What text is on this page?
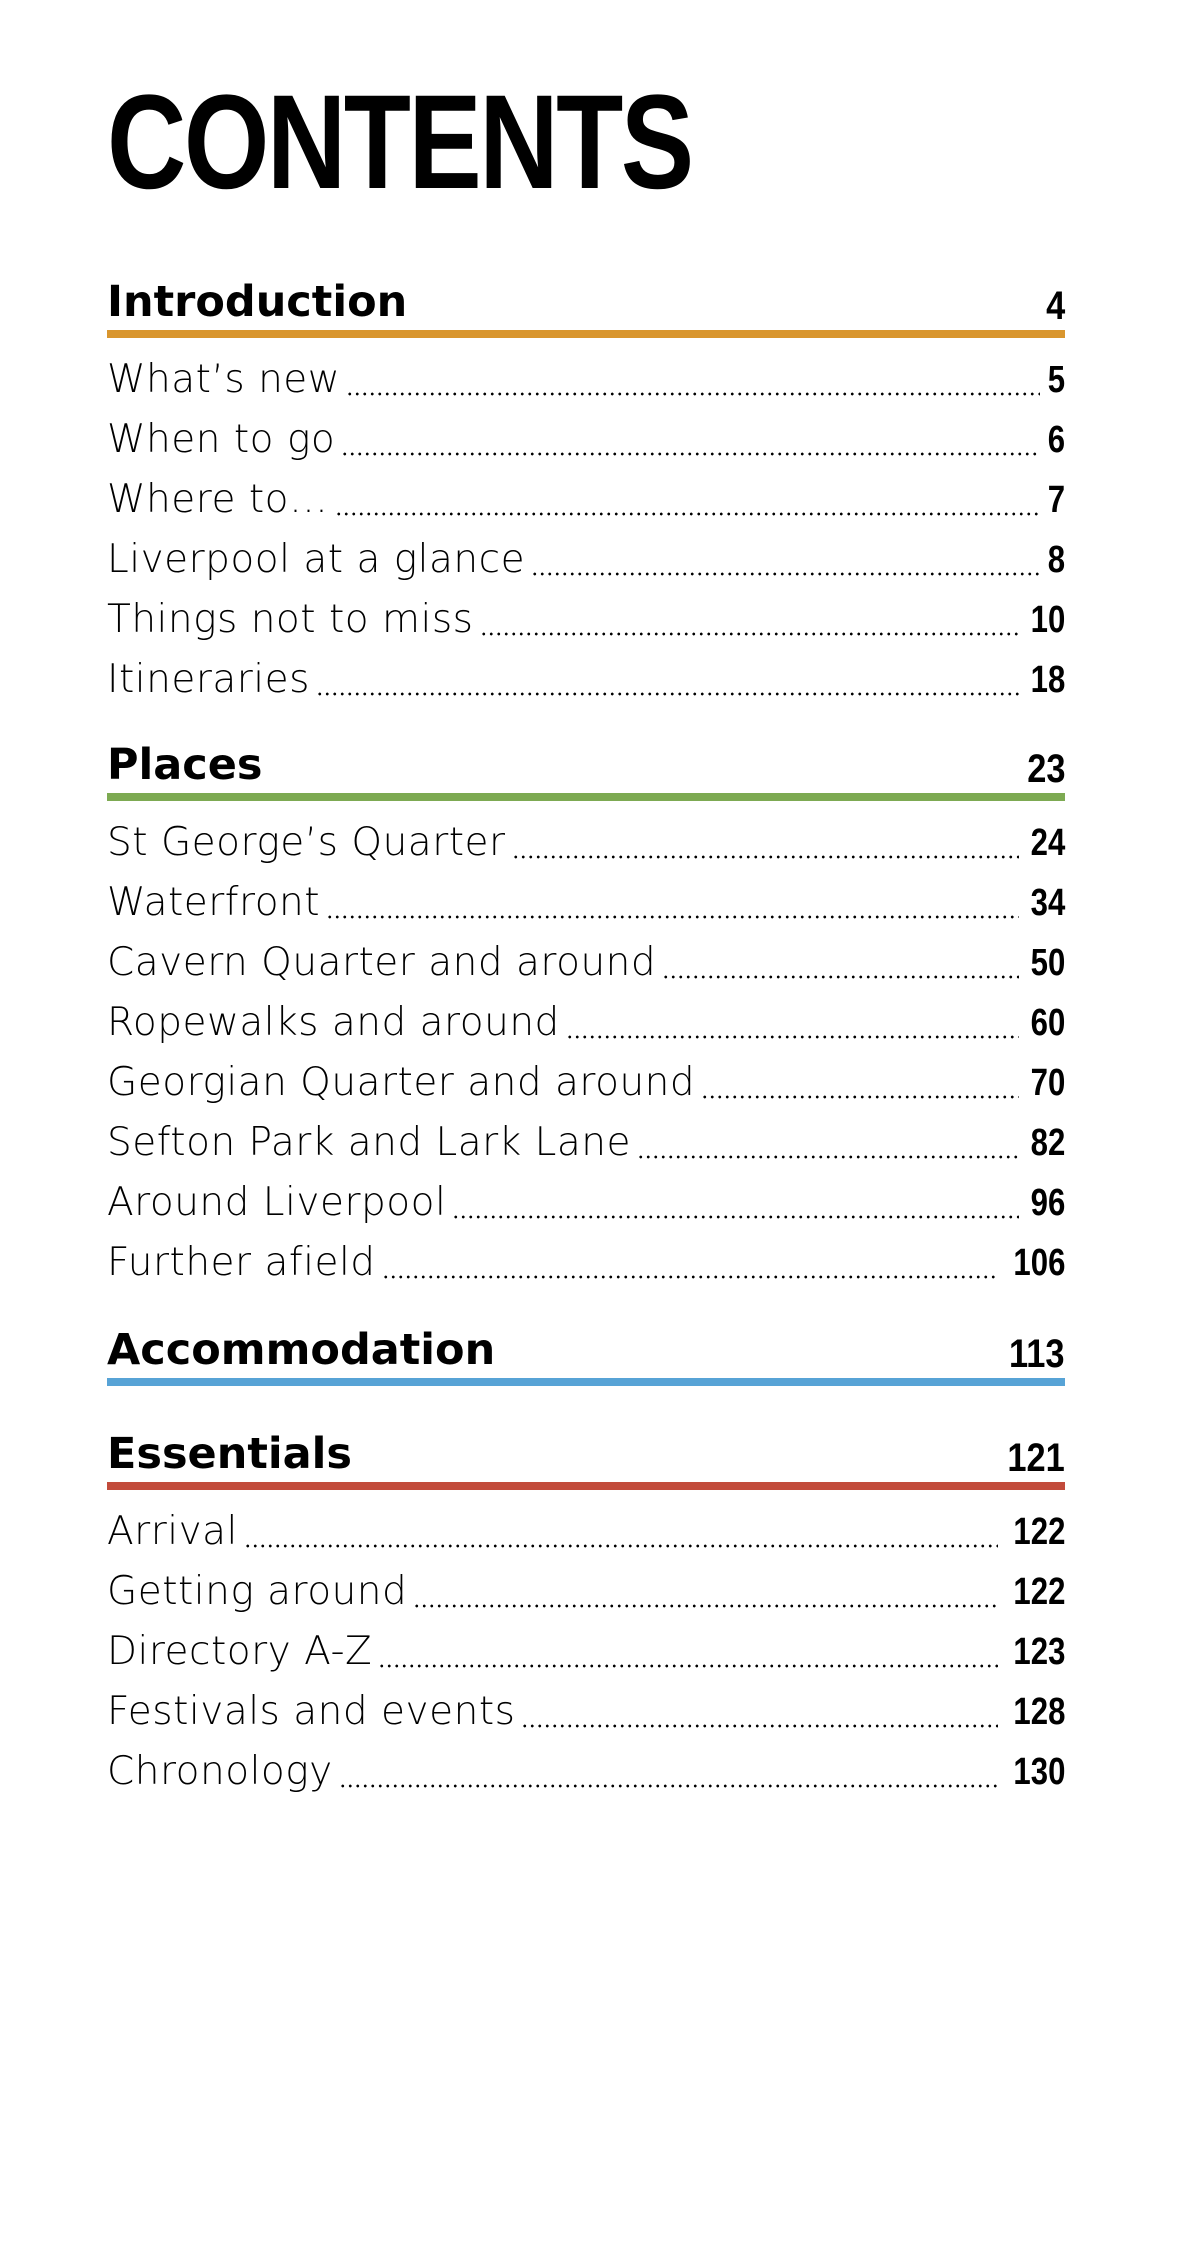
CONTENTS
Introduction	4
What’s new	5
When to go	6
Where to…	7
Liverpool at a glance	8
Things not to miss	10
Itineraries	18
Places	23
St George’s Quarter	24
Waterfront	34
Cavern Quarter and around	50
Ropewalks and around	60
Georgian Quarter and around	70
Sefton Park and Lark Lane	82
Around Liverpool	96
Further afield	106
Accommodation	113
Essentials	121
Arrival	122
Getting around	122
Directory A-Z	123
Festivals and events	128
Chronology	130
